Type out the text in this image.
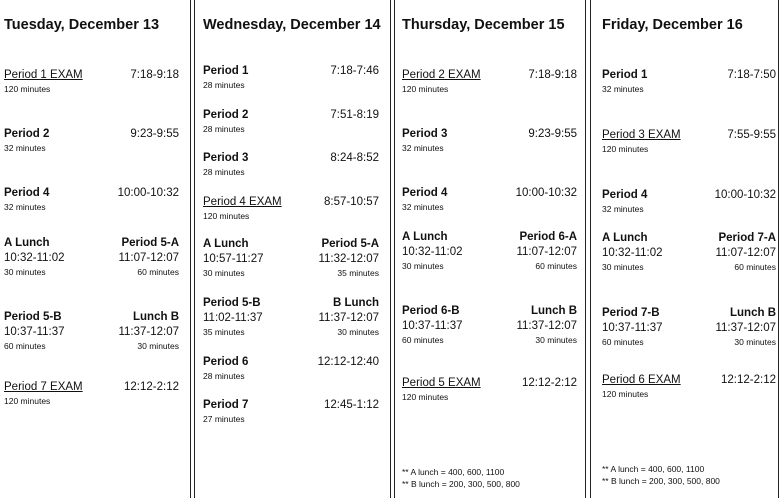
Tuesday, December 13
Period 1 EXAM	7:18-9:18
120 minutes
Period 2	9:23-9:55
32 minutes
Period 4	10:00-10:32
32 minutes
A Lunch	Period 5-A
10:32-11:02	11:07-12:07
30 minutes	60 minutes
Period 5-B	Lunch B
10:37-11:37	11:37-12:07
60 minutes	30 minutes
Period 7 EXAM	12:12-2:12
120 minutes
Wednesday, December 14
Period 1	7:18-7:46
28 minutes
Period 2	7:51-8:19
28 minutes
Period 3	8:24-8:52
28 minutes
Period 4 EXAM	8:57-10:57
120 minutes
A Lunch	Period 5-A
10:57-11:27	11:32-12:07
30 minutes	35 minutes
Period 5-B	B Lunch
11:02-11:37	11:37-12:07
35 minutes	30 minutes
Period 6	12:12-12:40
28 minutes
Period 7	12:45-1:12
27 minutes
Thursday, December 15
Period 2 EXAM	7:18-9:18
120 minutes
Period 3	9:23-9:55
32 minutes
Period 4	10:00-10:32
32 minutes
A Lunch	Period 6-A
10:32-11:02	11:07-12:07
30 minutes	60 minutes
Period 6-B	Lunch B
10:37-11:37	11:37-12:07
60 minutes	30 minutes
Period 5 EXAM	12:12-2:12
120 minutes
** A lunch = 400, 600, 1100
** B lunch = 200, 300, 500, 800
Friday, December 16
Period 1	7:18-7:50
32 minutes
Period 3 EXAM	7:55-9:55
120 minutes
Period 4	10:00-10:32
32 minutes
A Lunch	Period 7-A
10:32-11:02	11:07-12:07
30 minutes	60 minutes
Period 7-B	Lunch B
10:37-11:37	11:37-12:07
60 minutes	30 minutes
Period 6 EXAM	12:12-2:12
120 minutes
** A lunch = 400, 600, 1100
** B lunch = 200, 300, 500, 800
